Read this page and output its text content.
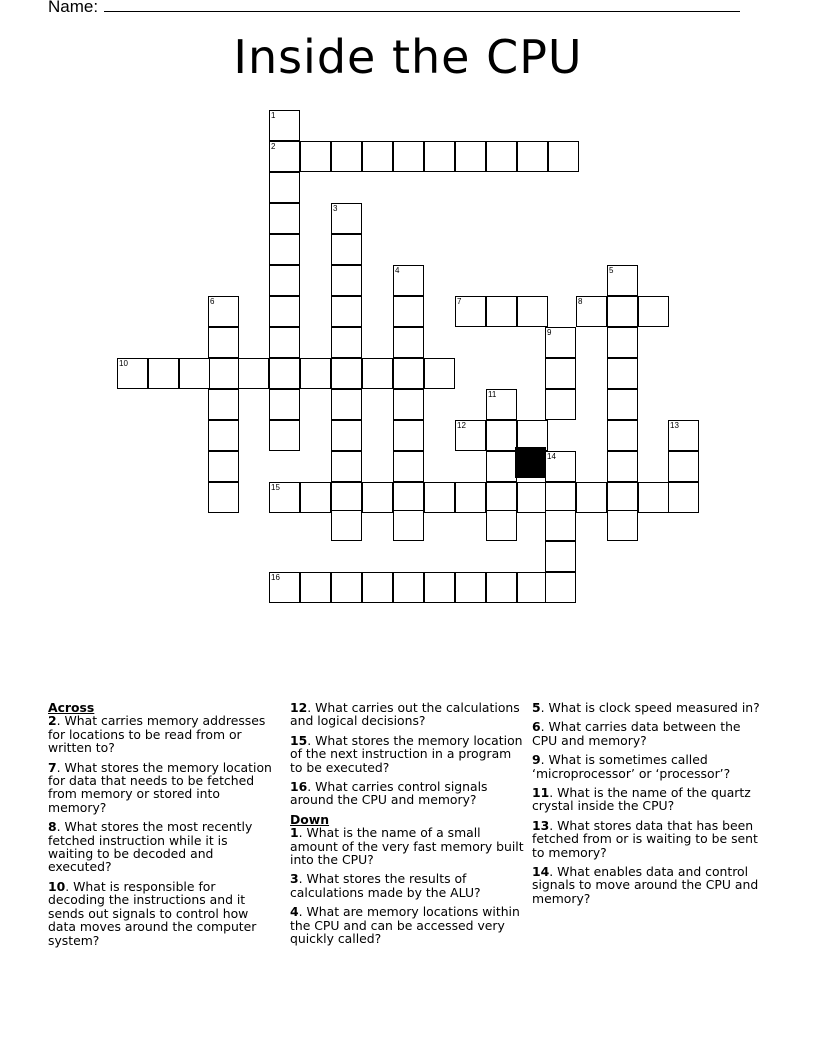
Name:
Inside the CPU
1
2
3
4	5
6	7	8
9
10
11
12	13
14
15
16
Across
2. What carries memory addresses for locations to be read from or written to?
7. What stores the memory location for data that needs to be fetched from memory or stored into memory?
8. What stores the most recently fetched instruction while it is waiting to be decoded and executed?
10. What is responsible for decoding the instructions and it sends out signals to control how data moves around the computer system?
12. What carries out the calculations and logical decisions?
15. What stores the memory location of the next instruction in a program to be executed?
16. What carries control signals around the CPU and memory?
Down
1. What is the name of a small amount of the very fast memory built into the CPU?
3. What stores the results of calculations made by the ALU?
4. What are memory locations within the CPU and can be accessed very quickly called?
5. What is clock speed measured in?
6. What carries data between the CPU and memory?
9. What is sometimes called ‘microprocessor’ or ‘processor’?
11. What is the name of the quartz crystal inside the CPU?
13. What stores data that has been fetched from or is waiting to be sent to memory?
14. What enables data and control signals to move around the CPU and memory?
